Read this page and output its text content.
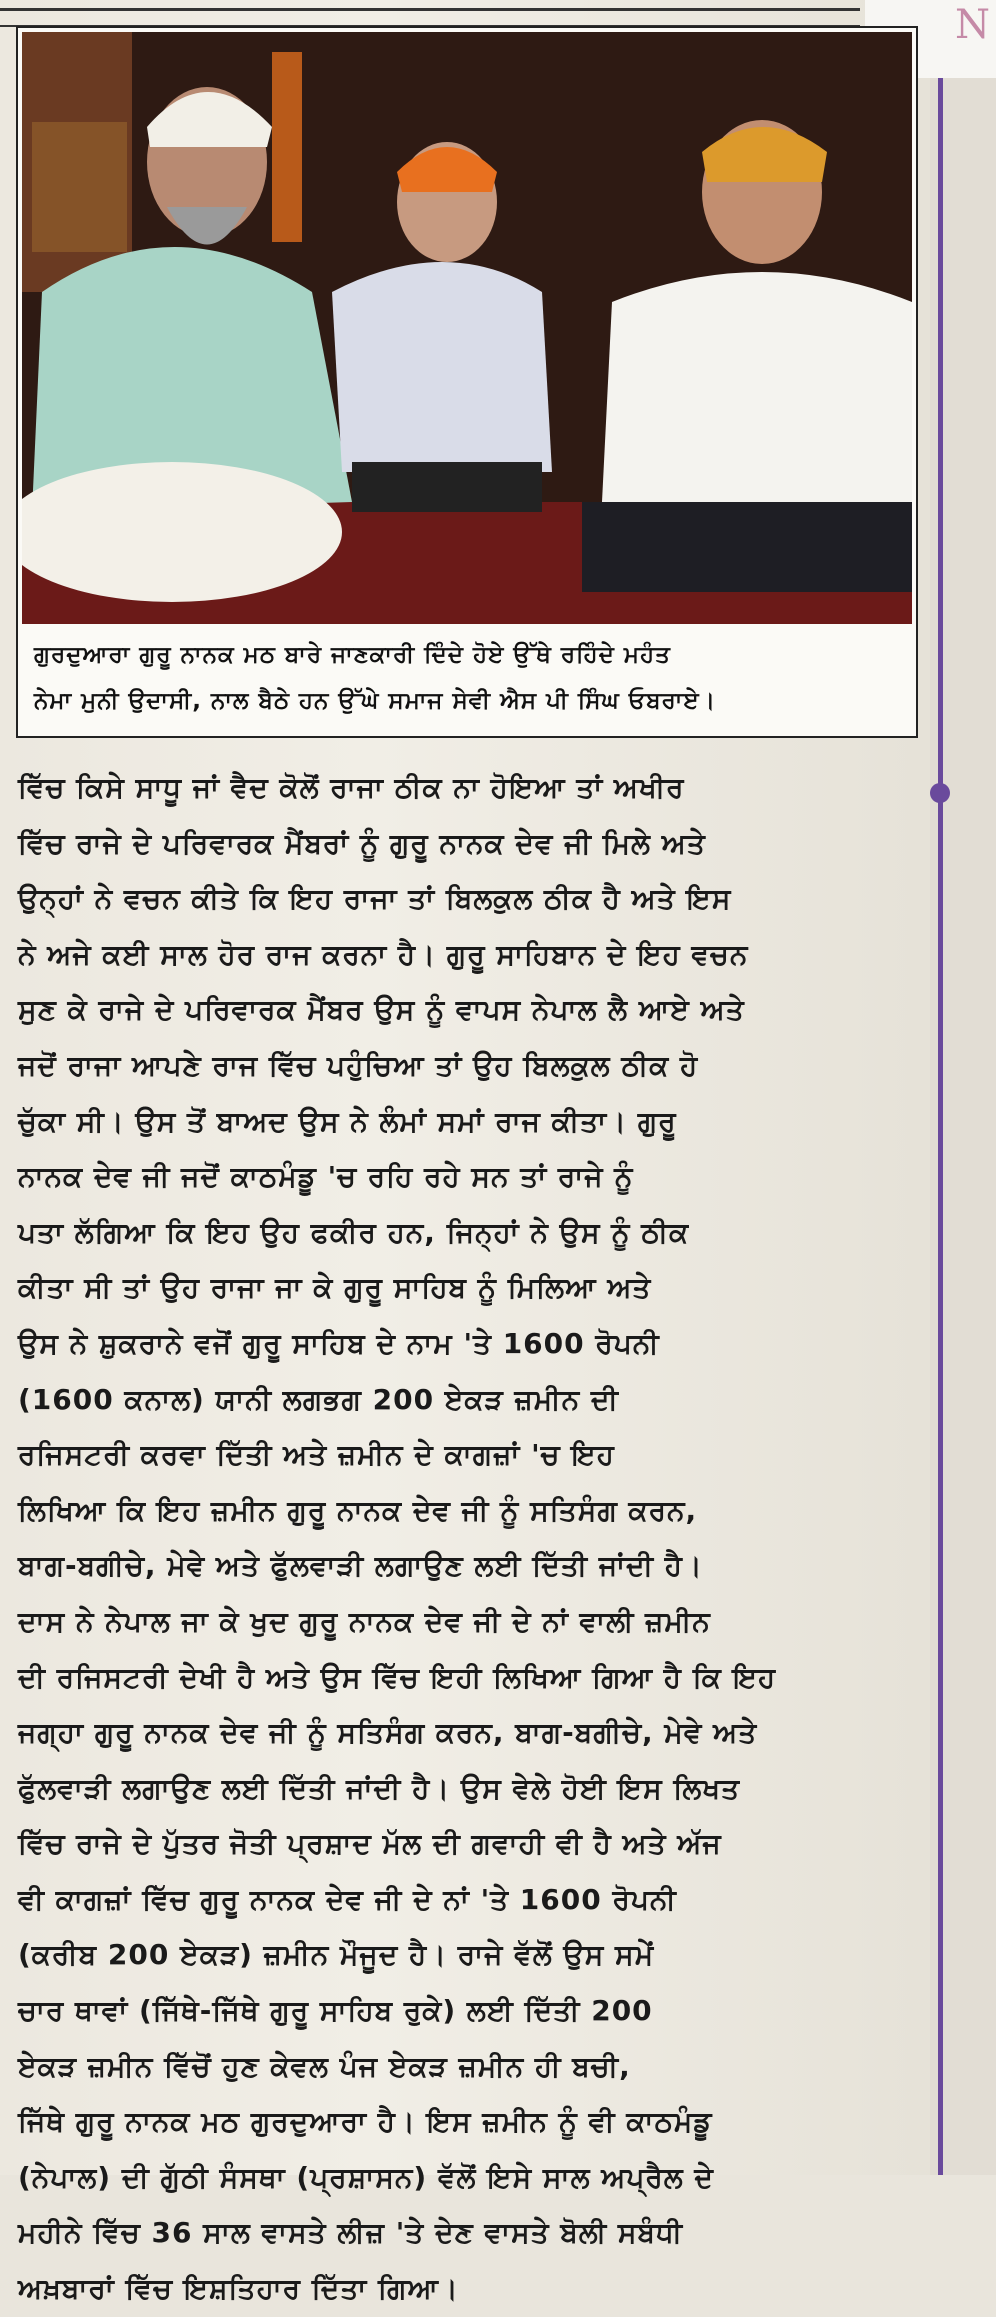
N

ਗੁਰਦੁਆਰਾ ਗੁਰੂ ਨਾਨਕ ਮਠ ਬਾਰੇ ਜਾਣਕਾਰੀ ਦਿੰਦੇ ਹੋਏ ਉੱਥੇ ਰਹਿੰਦੇ ਮਹੰਤ

ਨੇਮਾ ਮੁਨੀ ਉਦਾਸੀ, ਨਾਲ ਬੈਠੇ ਹਨ ਉੱਘੇ ਸਮਾਜ ਸੇਵੀ ਐਸ ਪੀ ਸਿੰਘ ਓਬਰਾਏ।

ਵਿੱਚ ਕਿਸੇ ਸਾਧੂ ਜਾਂ ਵੈਦ ਕੋਲੋਂ ਰਾਜਾ ਠੀਕ ਨਾ ਹੋਇਆ ਤਾਂ ਅਖੀਰ

ਵਿੱਚ ਰਾਜੇ ਦੇ ਪਰਿਵਾਰਕ ਮੈਂਬਰਾਂ ਨੂੰ ਗੁਰੂ ਨਾਨਕ ਦੇਵ ਜੀ ਮਿਲੇ ਅਤੇ

ਉਨ੍ਹਾਂ ਨੇ ਵਚਨ ਕੀਤੇ ਕਿ ਇਹ ਰਾਜਾ ਤਾਂ ਬਿਲਕੁਲ ਠੀਕ ਹੈ ਅਤੇ ਇਸ

ਨੇ ਅਜੇ ਕਈ ਸਾਲ ਹੋਰ ਰਾਜ ਕਰਨਾ ਹੈ। ਗੁਰੂ ਸਾਹਿਬਾਨ ਦੇ ਇਹ ਵਚਨ

ਸੁਣ ਕੇ ਰਾਜੇ ਦੇ ਪਰਿਵਾਰਕ ਮੈਂਬਰ ਉਸ ਨੂੰ ਵਾਪਸ ਨੇਪਾਲ ਲੈ ਆਏ ਅਤੇ

ਜਦੋਂ ਰਾਜਾ ਆਪਣੇ ਰਾਜ ਵਿੱਚ ਪਹੁੰਚਿਆ ਤਾਂ ਉਹ ਬਿਲਕੁਲ ਠੀਕ ਹੋ

ਚੁੱਕਾ ਸੀ। ਉਸ ਤੋਂ ਬਾਅਦ ਉਸ ਨੇ ਲੰਮਾਂ ਸਮਾਂ ਰਾਜ ਕੀਤਾ। ਗੁਰੂ

ਨਾਨਕ ਦੇਵ ਜੀ ਜਦੋਂ ਕਾਠਮੰਡੂ 'ਚ ਰਹਿ ਰਹੇ ਸਨ ਤਾਂ ਰਾਜੇ ਨੂੰ

ਪਤਾ ਲੱਗਿਆ ਕਿ ਇਹ ਉਹ ਫਕੀਰ ਹਨ, ਜਿਨ੍ਹਾਂ ਨੇ ਉਸ ਨੂੰ ਠੀਕ

ਕੀਤਾ ਸੀ ਤਾਂ ਉਹ ਰਾਜਾ ਜਾ ਕੇ ਗੁਰੂ ਸਾਹਿਬ ਨੂੰ ਮਿਲਿਆ ਅਤੇ

ਉਸ ਨੇ ਸ਼ੁਕਰਾਨੇ ਵਜੋਂ ਗੁਰੂ ਸਾਹਿਬ ਦੇ ਨਾਮ 'ਤੇ 1600 ਰੋਪਨੀ

(1600 ਕਨਾਲ) ਯਾਨੀ ਲਗਭਗ 200 ਏਕੜ ਜ਼ਮੀਨ ਦੀ

ਰਜਿਸਟਰੀ ਕਰਵਾ ਦਿੱਤੀ ਅਤੇ ਜ਼ਮੀਨ ਦੇ ਕਾਗਜ਼ਾਂ 'ਚ ਇਹ

ਲਿਖਿਆ ਕਿ ਇਹ ਜ਼ਮੀਨ ਗੁਰੂ ਨਾਨਕ ਦੇਵ ਜੀ ਨੂੰ ਸਤਿਸੰਗ ਕਰਨ,

ਬਾਗ-ਬਗੀਚੇ, ਮੇਵੇ ਅਤੇ ਫੁੱਲਵਾੜੀ ਲਗਾਉਣ ਲਈ ਦਿੱਤੀ ਜਾਂਦੀ ਹੈ।

ਦਾਸ ਨੇ ਨੇਪਾਲ ਜਾ ਕੇ ਖੁਦ ਗੁਰੂ ਨਾਨਕ ਦੇਵ ਜੀ ਦੇ ਨਾਂ ਵਾਲੀ ਜ਼ਮੀਨ

ਦੀ ਰਜਿਸਟਰੀ ਦੇਖੀ ਹੈ ਅਤੇ ਉਸ ਵਿੱਚ ਇਹੀ ਲਿਖਿਆ ਗਿਆ ਹੈ ਕਿ ਇਹ

ਜਗ੍ਹਾ ਗੁਰੂ ਨਾਨਕ ਦੇਵ ਜੀ ਨੂੰ ਸਤਿਸੰਗ ਕਰਨ, ਬਾਗ-ਬਗੀਚੇ, ਮੇਵੇ ਅਤੇ

ਫੁੱਲਵਾੜੀ ਲਗਾਉਣ ਲਈ ਦਿੱਤੀ ਜਾਂਦੀ ਹੈ। ਉਸ ਵੇਲੇ ਹੋਈ ਇਸ ਲਿਖਤ

ਵਿੱਚ ਰਾਜੇ ਦੇ ਪੁੱਤਰ ਜੋਤੀ ਪ੍ਰਸ਼ਾਦ ਮੱਲ ਦੀ ਗਵਾਹੀ ਵੀ ਹੈ ਅਤੇ ਅੱਜ

ਵੀ ਕਾਗਜ਼ਾਂ ਵਿੱਚ ਗੁਰੂ ਨਾਨਕ ਦੇਵ ਜੀ ਦੇ ਨਾਂ 'ਤੇ 1600 ਰੋਪਨੀ

(ਕਰੀਬ 200 ਏਕੜ) ਜ਼ਮੀਨ ਮੌਜੂਦ ਹੈ। ਰਾਜੇ ਵੱਲੋਂ ਉਸ ਸਮੇਂ

ਚਾਰ ਥਾਵਾਂ (ਜਿੱਥੇ-ਜਿੱਥੇ ਗੁਰੂ ਸਾਹਿਬ ਰੁਕੇ) ਲਈ ਦਿੱਤੀ 200

ਏਕੜ ਜ਼ਮੀਨ ਵਿੱਚੋਂ ਹੁਣ ਕੇਵਲ ਪੰਜ ਏਕੜ ਜ਼ਮੀਨ ਹੀ ਬਚੀ,

ਜਿੱਥੇ ਗੁਰੂ ਨਾਨਕ ਮਠ ਗੁਰਦੁਆਰਾ ਹੈ। ਇਸ ਜ਼ਮੀਨ ਨੂੰ ਵੀ ਕਾਠਮੰਡੂ

(ਨੇਪਾਲ) ਦੀ ਗੁੱਠੀ ਸੰਸਥਾ (ਪ੍ਰਸ਼ਾਸਨ) ਵੱਲੋਂ ਇਸੇ ਸਾਲ ਅਪ੍ਰੈਲ ਦੇ

ਮਹੀਨੇ ਵਿੱਚ 36 ਸਾਲ ਵਾਸਤੇ ਲੀਜ਼ 'ਤੇ ਦੇਣ ਵਾਸਤੇ ਬੋਲੀ ਸਬੰਧੀ

ਅਖ਼ਬਾਰਾਂ ਵਿੱਚ ਇਸ਼ਤਿਹਾਰ ਦਿੱਤਾ ਗਿਆ।
